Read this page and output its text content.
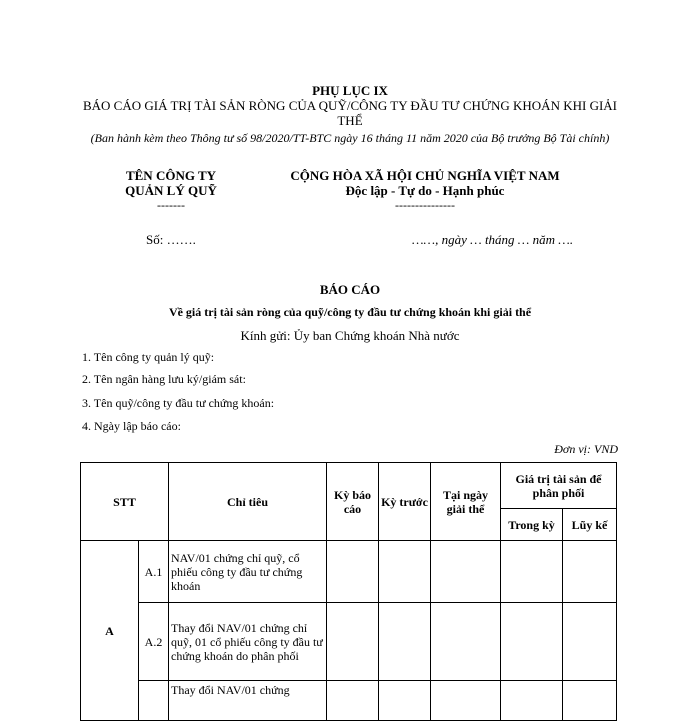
PHỤ LỤC IX
BÁO CÁO GIÁ TRỊ TÀI SẢN RÒNG CỦA QUỸ/CÔNG TY ĐẦU TƯ CHỨNG KHOÁN KHI GIẢI THỂ
(Ban hành kèm theo Thông tư số 98/2020/TT-BTC ngày 16 tháng 11 năm 2020 của Bộ trưởng Bộ Tài chính)
TÊN CÔNG TY
QUẢN LÝ QUỸ
-------
CỘNG HÒA XÃ HỘI CHỦ NGHĨA VIỆT NAM
Độc lập - Tự do - Hạnh phúc
---------------
Số: …….	……, ngày … tháng … năm ….
BÁO CÁO
Về giá trị tài sản ròng của quỹ/công ty đầu tư chứng khoán khi giải thể
Kính gửi: Ủy ban Chứng khoán Nhà nước
1. Tên công ty quản lý quỹ:
2. Tên ngân hàng lưu ký/giám sát:
3. Tên quỹ/công ty đầu tư chứng khoán:
4. Ngày lập báo cáo:
Đơn vị: VND
STT		Chỉ tiêu	Kỳ báo cáo	Kỳ trước	Tại ngày giải thể	Giá trị tài sản để phân phối	
						Trong kỳ	Lũy kế
A	A.1	NAV/01 chứng chỉ quỹ, cổ phiếu công ty đầu tư chứng khoán					
	A.2	Thay đổi NAV/01 chứng chỉ quỹ, 01 cổ phiếu công ty đầu tư chứng khoán do phân phối					
		Thay đổi NAV/01 chứng					
